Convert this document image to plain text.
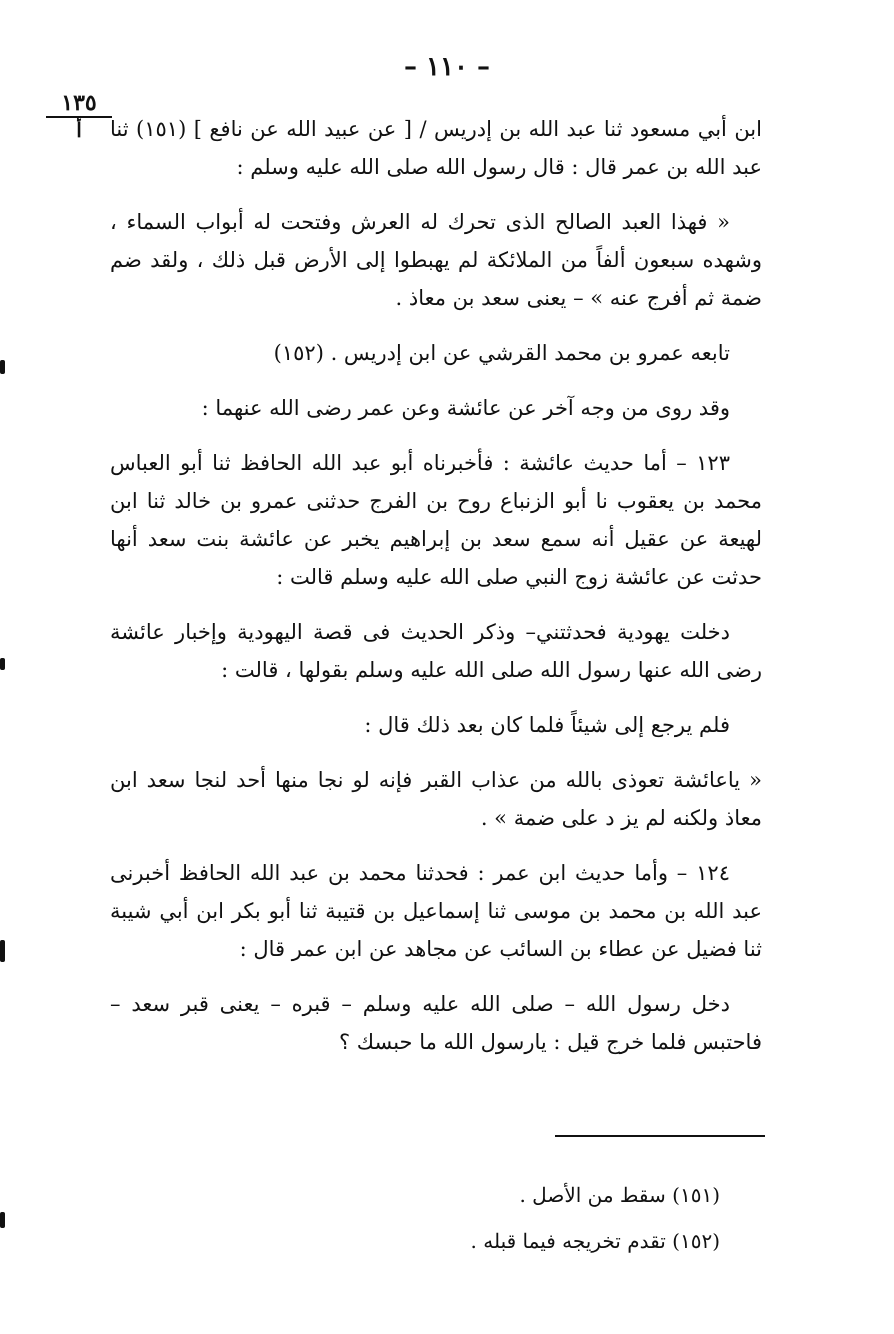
– ١١٠ –
١٣٥
أ	ابن أبي مسعود ثنا عبد الله بن إدريس / [ عن عبيد الله عن نافع ] (١٥١) ثنا عبد الله بن عمر قال : قال رسول الله صلى الله عليه وسلم :

« فهذا العبد الصالح الذى تحرك له العرش وفتحت له أبواب السماء ، وشهده سبعون ألفاً من الملائكة لم يهبطوا إلى الأرض قبل ذلك ، ولقد ضم ضمة ثم أفرج عنه » – يعنى سعد بن معاذ .

تابعه عمرو بن محمد القرشي عن ابن إدريس . (١٥٢)

وقد روى من وجه آخر عن عائشة وعن عمر رضى الله عنهما :

١٢٣ – أما حديث عائشة : فأخبرناه أبو عبد الله الحافظ ثنا أبو العباس محمد بن يعقوب نا أبو الزنباع روح بن الفرج حدثنى عمرو بن خالد ثنا ابن لهيعة عن عقيل أنه سمع سعد بن إبراهيم يخبر عن عائشة بنت سعد أنها حدثت عن عائشة زوج النبي صلى الله عليه وسلم قالت :

دخلت يهودية فحدثتني– وذكر الحديث فى قصة اليهودية وإخبار عائشة رضى الله عنها رسول الله صلى الله عليه وسلم بقولها ، قالت :

فلم يرجع إلى شيئاً فلما كان بعد ذلك قال :

« ياعائشة تعوذى بالله من عذاب القبر فإنه لو نجا منها أحد لنجا سعد ابن معاذ ولكنه لم يز د على ضمة » .

١٢٤ – وأما حديث ابن عمر : فحدثنا محمد بن عبد الله الحافظ أخبرنى عبد الله بن محمد بن موسى ثنا إسماعيل بن قتيبة ثنا أبو بكر ابن أبي شيبة ثنا فضيل عن عطاء بن السائب عن مجاهد عن ابن عمر قال :

دخل رسول الله – صلى الله عليه وسلم – قبره – يعنى قبر سعد – فاحتبس فلما خرج قيل : يارسول الله ما حبسك ؟

(١٥١) سقط من الأصل .

(١٥٢) تقدم تخريجه فيما قبله .
